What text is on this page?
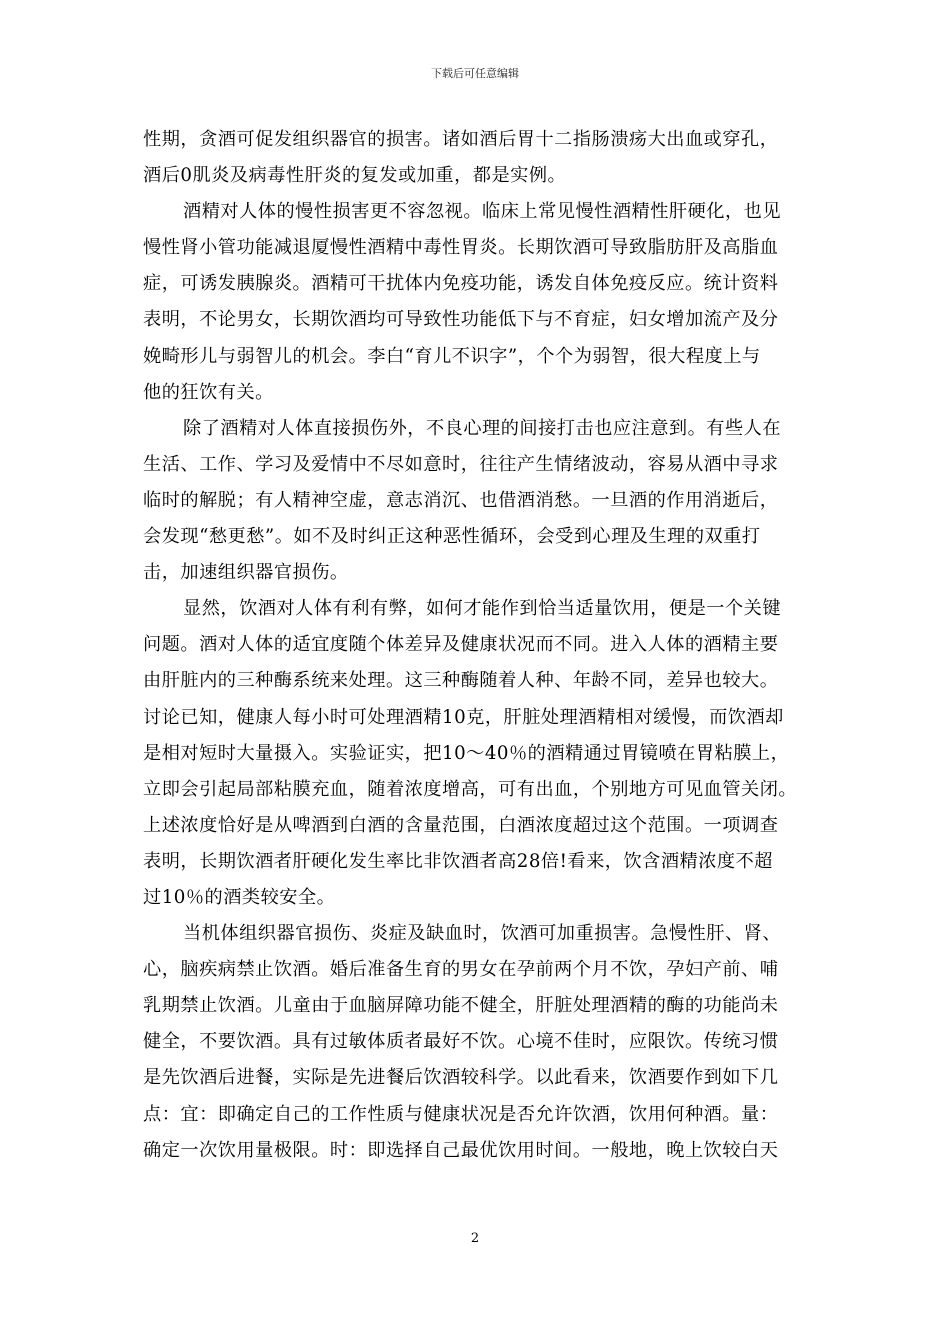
下载后可任意编辑
性期，贪酒可促发组织器官的损害。诸如酒后胃十二指肠溃疡大出血或穿孔，
酒后0肌炎及病毒性肝炎的复发或加重，都是实例。
酒精对人体的慢性损害更不容忽视。临床上常见慢性酒精性肝硬化，也见
慢性肾小管功能减退厦慢性酒精中毒性胃炎。长期饮酒可导致脂肪肝及高脂血
症，可诱发胰腺炎。酒精可干扰体内免疫功能，诱发自体免疫反应。统计资料
表明，不论男女，长期饮酒均可导致性功能低下与不育症，妇女增加流产及分
娩畸形儿与弱智儿的机会。李白“育儿不识字”，个个为弱智，很大程度上与
他的狂饮有关。
除了酒精对人体直接损伤外，不良心理的间接打击也应注意到。有些人在
生活、工作、学习及爱情中不尽如意时，往往产生情绪波动，容易从酒中寻求
临时的解脱；有人精神空虚，意志消沉、也借酒消愁。一旦酒的作用消逝后，
会发现“愁更愁”。如不及时纠正这种恶性循环，会受到心理及生理的双重打
击，加速组织器官损伤。
显然，饮酒对人体有利有弊，如何才能作到恰当适量饮用，便是一个关键
问题。酒对人体的适宜度随个体差异及健康状况而不同。进入人体的酒精主要
由肝脏内的三种酶系统来处理。这三种酶随着人种、年龄不同，差异也较大。
讨论已知，健康人每小时可处理酒精10克，肝脏处理酒精相对缓慢，而饮酒却
是相对短时大量摄入。实验证实，把10～40％的酒精通过胃镜喷在胃粘膜上，
立即会引起局部粘膜充血，随着浓度增高，可有出血，个别地方可见血管关闭。
上述浓度恰好是从啤酒到白酒的含量范围，白酒浓度超过这个范围。一项调查
表明，长期饮酒者肝硬化发生率比非饮酒者高28倍!看来，饮含酒精浓度不超
过10％的酒类较安全。
当机体组织器官损伤、炎症及缺血时，饮酒可加重损害。急慢性肝、肾、
心，脑疾病禁止饮酒。婚后准备生育的男女在孕前两个月不饮，孕妇产前、哺
乳期禁止饮酒。儿童由于血脑屏障功能不健全，肝脏处理酒精的酶的功能尚未
健全，不要饮酒。具有过敏体质者最好不饮。心境不佳时，应限饮。传统习惯
是先饮酒后进餐，实际是先进餐后饮酒较科学。以此看来，饮酒要作到如下几
点：宜：即确定自己的工作性质与健康状况是否允许饮酒，饮用何种酒。量：
确定一次饮用量极限。时：即选择自己最优饮用时间。一般地，晚上饮较白天
2
